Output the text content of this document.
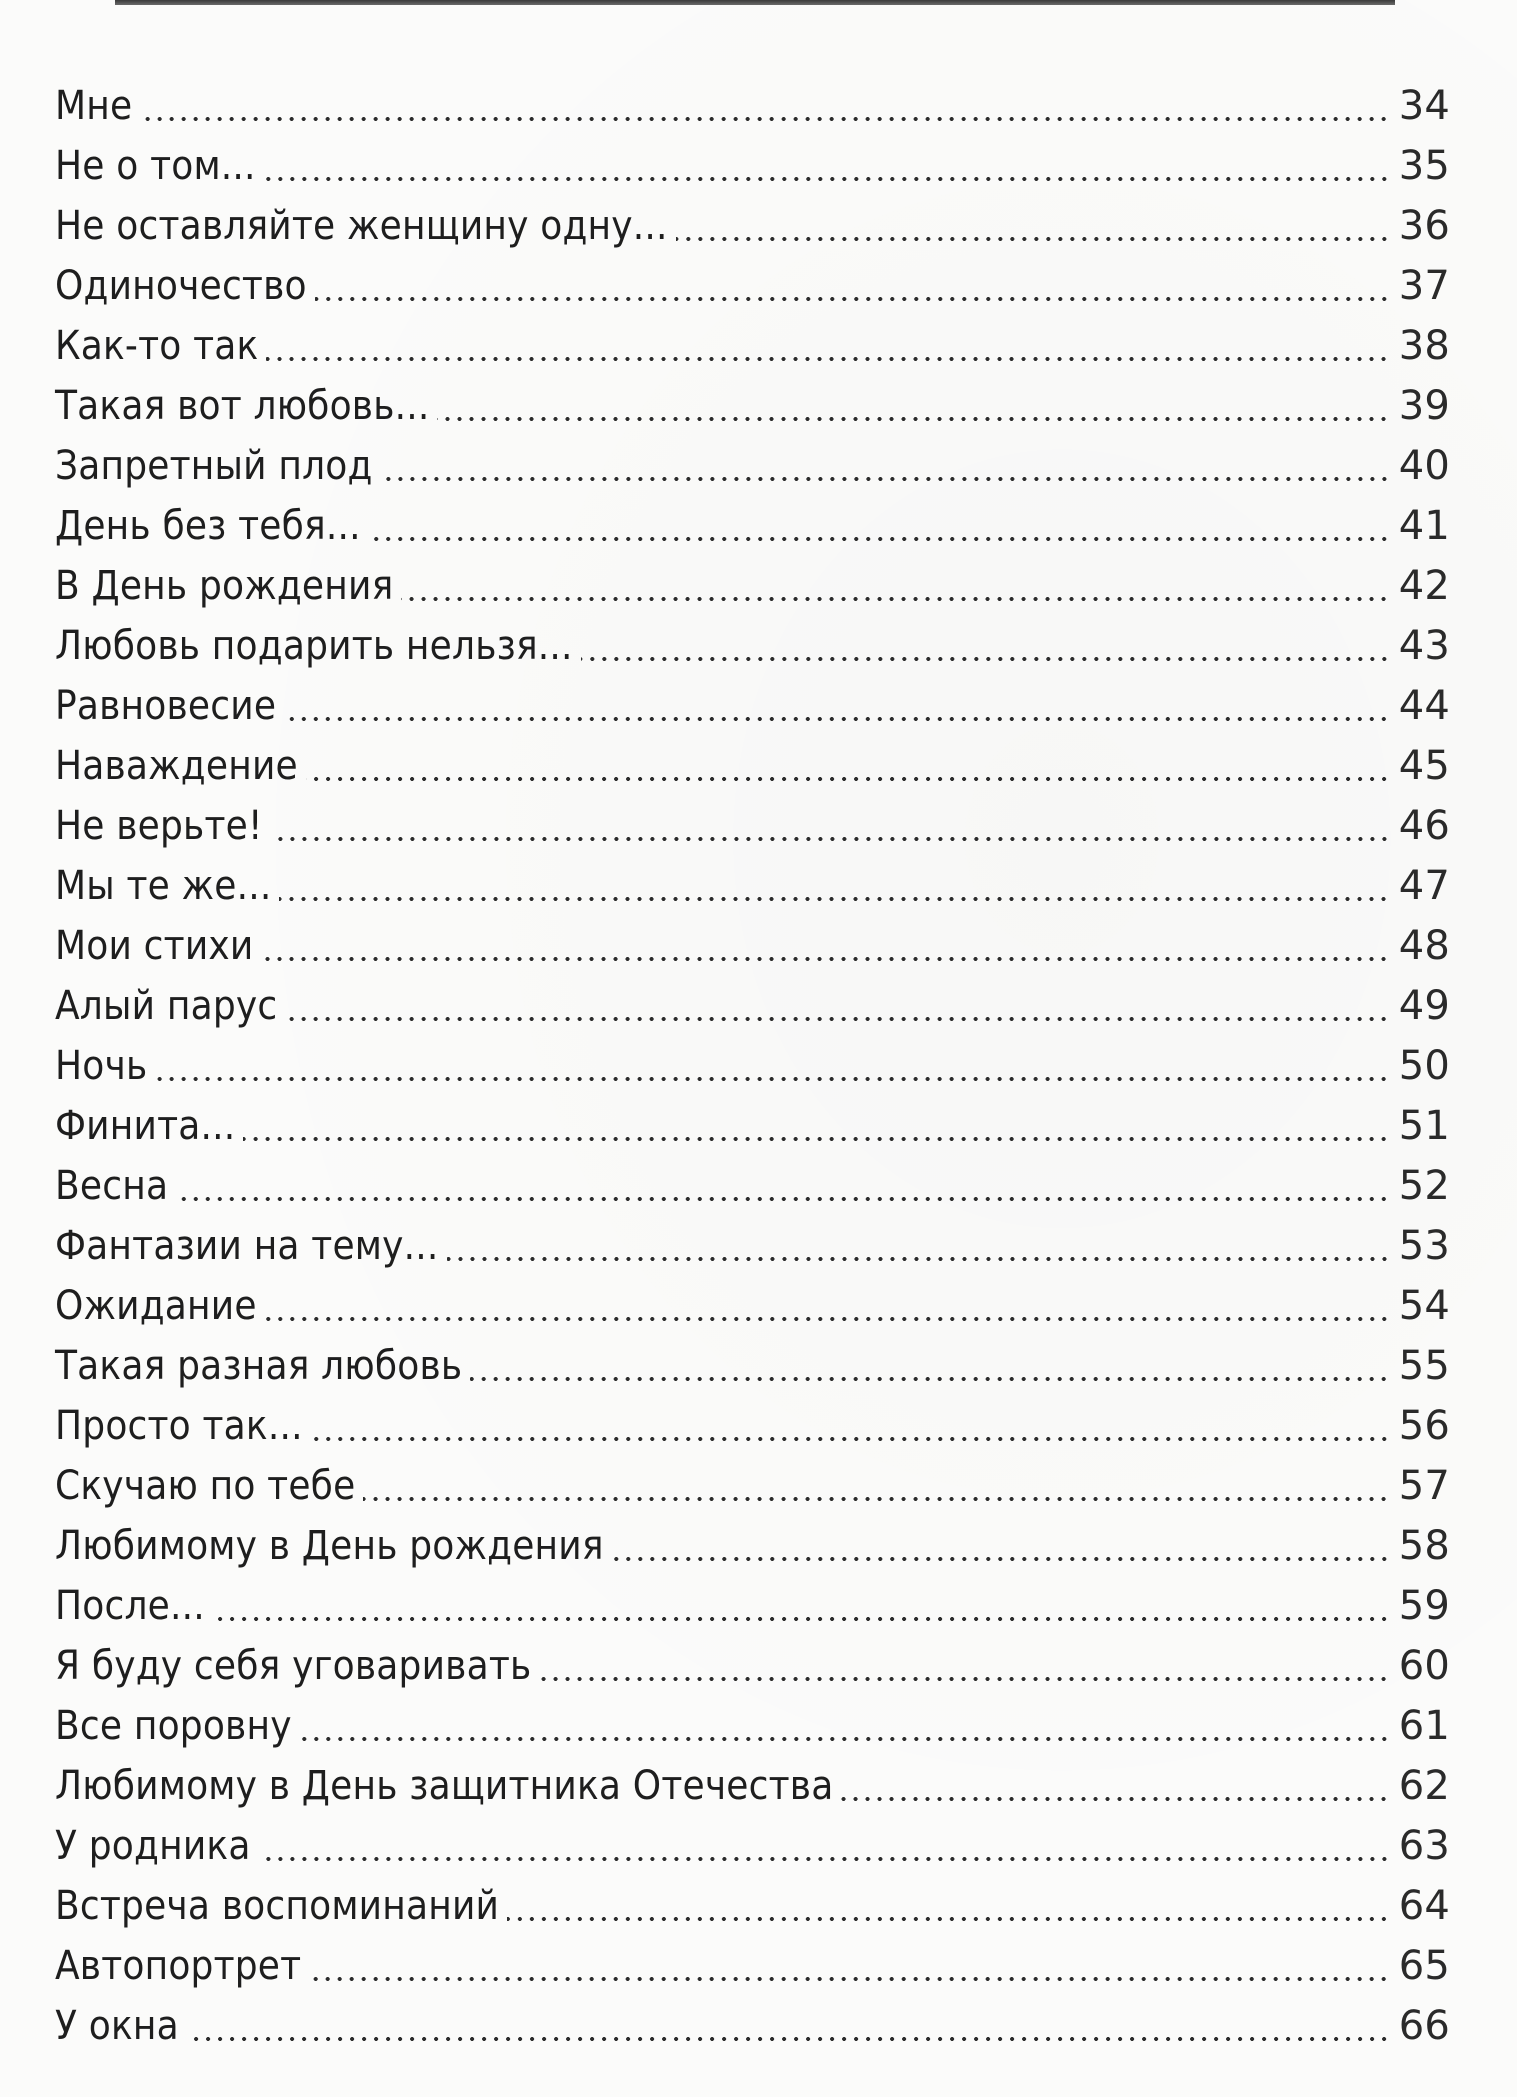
Мне	34
Не о том...	35
Не оставляйте женщину одну...	36
Одиночество	37
Как-то так	38
Такая вот любовь...	39
Запретный плод	40
День без тебя...	41
В День рождения	42
Любовь подарить нельзя...	43
Равновесие	44
Наваждение	45
Не верьте!	46
Мы те же...	47
Мои стихи	48
Алый парус	49
Ночь	50
Финита...	51
Весна	52
Фантазии на тему...	53
Ожидание	54
Такая разная любовь	55
Просто так...	56
Скучаю по тебе	57
Любимому в День рождения	58
После...	59
Я буду себя уговаривать	60
Все поровну	61
Любимому в День защитника Отечества	62
У родника	63
Встреча воспоминаний	64
Автопортрет	65
У окна	66
